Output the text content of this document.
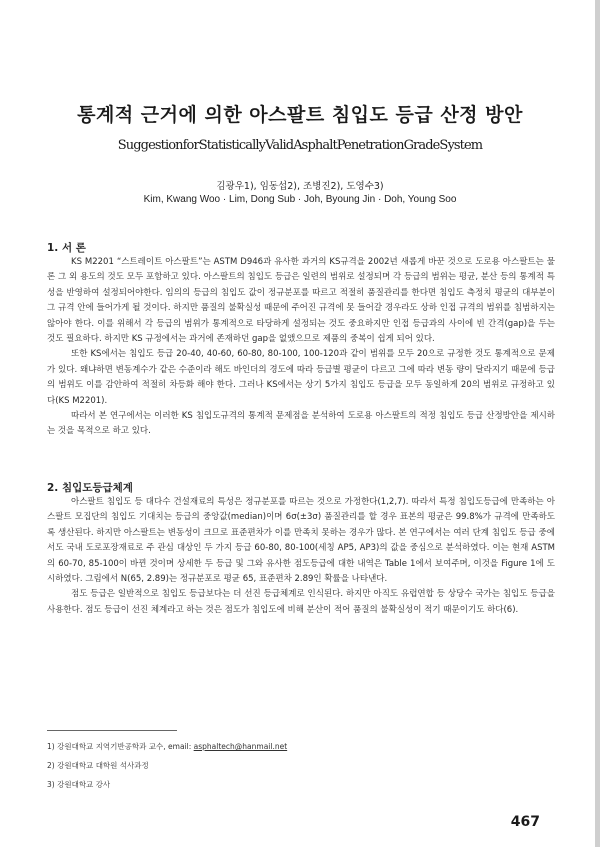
통계적 근거에 의한 아스팔트 침입도 등급 산정 방안
SuggestionforStatisticallyValidAsphaltPenetrationGradeSystem
김광우1), 임동섭2), 조병진2), 도영수3)
Kim, Kwang Woo · Lim, Dong Sub · Joh, Byoung Jin · Doh, Young Soo
1. 서 론

KS M2201 “스트레이트 아스팔트”는 ASTM D946과 유사한 과거의 KS규격을 2002년 새롭게 바꾼 것으로 도로용 아스팔트는 물론 그 외 용도의 것도 모두 포함하고 있다. 아스팔트의 침입도 등급은 일련의 범위로 설정되며 각 등급의 범위는 평균, 분산 등의 통계적 특성을 반영하여 설정되어야한다. 임의의 등급의 침입도 값이 정규분포를 따르고 적절히 품질관리를 한다면 침입도 측정치 평균의 대부분이 그 규격 안에 들어가게 될 것이다. 하지만 품질의 불확실성 때문에 주어진 규격에 못 들어갈 경우라도 상하 인접 규격의 범위를 침범하지는 않아야 한다. 이를 위해서 각 등급의 범위가 통계적으로 타당하게 설정되는 것도 중요하지만 인접 등급과의 사이에 빈 간격(gap)을 두는 것도 필요하다. 하지만 KS 규정에서는 과거에 존재하던 gap을 없앴으므로 제품의 중복이 쉽게 되어 있다.

또한 KS에서는 침입도 등급 20-40, 40-60, 60-80, 80-100, 100-120과 같이 범위를 모두 20으로 규정한 것도 통계적으로 문제가 있다. 왜냐하면 변동계수가 같은 수준이라 해도 바인더의 경도에 따라 등급별 평균이 다르고 그에 따라 변동 량이 달라지기 때문에 등급의 범위도 이를 감안하여 적절히 차등화 해야 한다. 그러나 KS에서는 상기 5가지 침입도 등급을 모두 동일하게 20의 범위로 규정하고 있다(KS M2201).

따라서 본 연구에서는 이러한 KS 침입도규격의 통계적 문제점을 분석하여 도로용 아스팔트의 적정 침입도 등급 산정방안을 제시하는 것을 목적으로 하고 있다.

2. 침입도등급체계

아스팔트 침입도 등 대다수 건설재료의 특성은 정규분포를 따르는 것으로 가정한다(1,2,7). 따라서 특정 침입도등급에 만족하는 아스팔트 모집단의 침입도 기대치는 등급의 중앙값(median)이며 6σ(±3σ) 품질관리를 할 경우 표본의 평균은 99.8%가 규격에 만족하도록 생산된다. 하지만 아스팔트는 변동성이 크므로 표준편차가 이를 만족치 못하는 경우가 많다. 본 연구에서는 여러 단계 침입도 등급 중에서도 국내 도로포장재료로 주 관심 대상인 두 가지 등급 60-80, 80-100(세칭 AP5, AP3)의 값을 중심으로 분석하였다. 이는 현재 ASTM의 60-70, 85-100이 바뀐 것이며 상세한 두 등급 및 그와 유사한 점도등급에 대한 내역은 Table 1에서 보여주며, 이것을 Figure 1에 도시하였다. 그림에서 N(65, 2.89)는 정규분포로 평균 65, 표준편차 2.89인 확률을 나타낸다.

점도 등급은 일반적으로 침입도 등급보다는 더 선진 등급체계로 인식된다. 하지만 아직도 유럽연합 등 상당수 국가는 침입도 등급을 사용한다. 점도 등급이 선진 체계라고 하는 것은 점도가 침입도에 비해 분산이 적어 품질의 불확실성이 적기 때문이기도 하다(6).

1) 강원대학교 지역기반공학과 교수, email: asphaltech@hanmail.net
2) 강원대학교 대학원 석사과정
3) 강원대학교 강사
467
